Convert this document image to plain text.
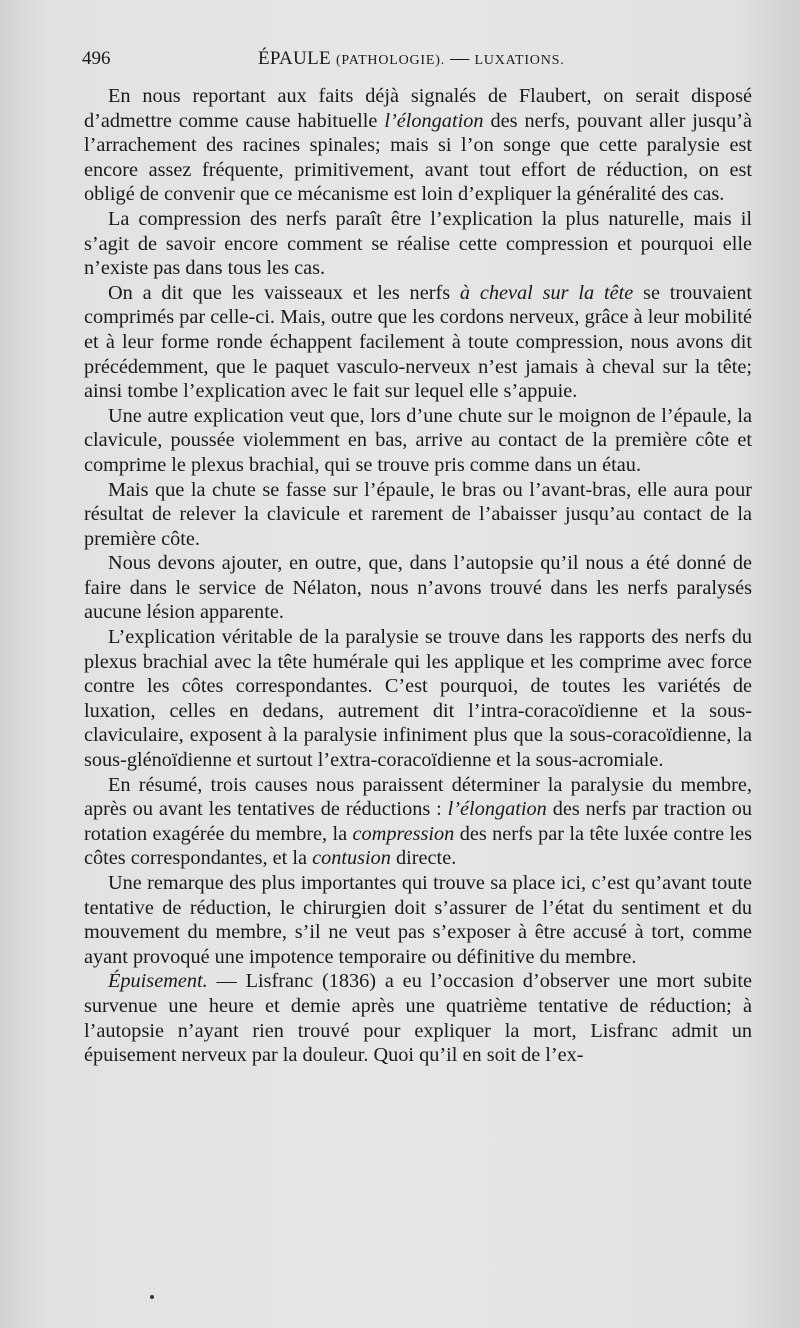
496	ÉPAULE (PATHOLOGIE). — LUXATIONS.

En nous reportant aux faits déjà signalés de Flaubert, on serait disposé d’admettre comme cause habituelle l’élongation des nerfs, pouvant aller jusqu’à l’arrachement des racines spinales; mais si l’on songe que cette paralysie est encore assez fréquente, primitivement, avant tout effort de réduction, on est obligé de convenir que ce mécanisme est loin d’expliquer la généralité des cas.

La compression des nerfs paraît être l’explication la plus naturelle, mais il s’agit de savoir encore comment se réalise cette compression et pourquoi elle n’existe pas dans tous les cas.

On a dit que les vaisseaux et les nerfs à cheval sur la tête se trouvaient comprimés par celle-ci. Mais, outre que les cordons nerveux, grâce à leur mobilité et à leur forme ronde échappent facilement à toute compression, nous avons dit précédemment, que le paquet vasculo-nerveux n’est jamais à cheval sur la tête; ainsi tombe l’explication avec le fait sur lequel elle s’appuie.

Une autre explication veut que, lors d’une chute sur le moignon de l’épaule, la clavicule, poussée violemment en bas, arrive au contact de la première côte et comprime le plexus brachial, qui se trouve pris comme dans un étau.

Mais que la chute se fasse sur l’épaule, le bras ou l’avant-bras, elle aura pour résultat de relever la clavicule et rarement de l’abaisser jusqu’au contact de la première côte.

Nous devons ajouter, en outre, que, dans l’autopsie qu’il nous a été donné de faire dans le service de Nélaton, nous n’avons trouvé dans les nerfs paralysés aucune lésion apparente.

L’explication véritable de la paralysie se trouve dans les rapports des nerfs du plexus brachial avec la tête humérale qui les applique et les comprime avec force contre les côtes correspondantes. C’est pourquoi, de toutes les variétés de luxation, celles en dedans, autrement dit l’intra-coracoïdienne et la sous-claviculaire, exposent à la paralysie infiniment plus que la sous-coracoïdienne, la sous-glénoïdienne et surtout l’extra-coracoïdienne et la sous-acromiale.

En résumé, trois causes nous paraissent déterminer la paralysie du membre, après ou avant les tentatives de réductions : l’élongation des nerfs par traction ou rotation exagérée du membre, la compression des nerfs par la tête luxée contre les côtes correspondantes, et la contusion directe.

Une remarque des plus importantes qui trouve sa place ici, c’est qu’avant toute tentative de réduction, le chirurgien doit s’assurer de l’état du sentiment et du mouvement du membre, s’il ne veut pas s’exposer à être accusé à tort, comme ayant provoqué une impotence temporaire ou définitive du membre.

Épuisement. — Lisfranc (1836) a eu l’occasion d’observer une mort subite survenue une heure et demie après une quatrième tentative de réduction; à l’autopsie n’ayant rien trouvé pour expliquer la mort, Lisfranc admit un épuisement nerveux par la douleur. Quoi qu’il en soit de l’ex-
